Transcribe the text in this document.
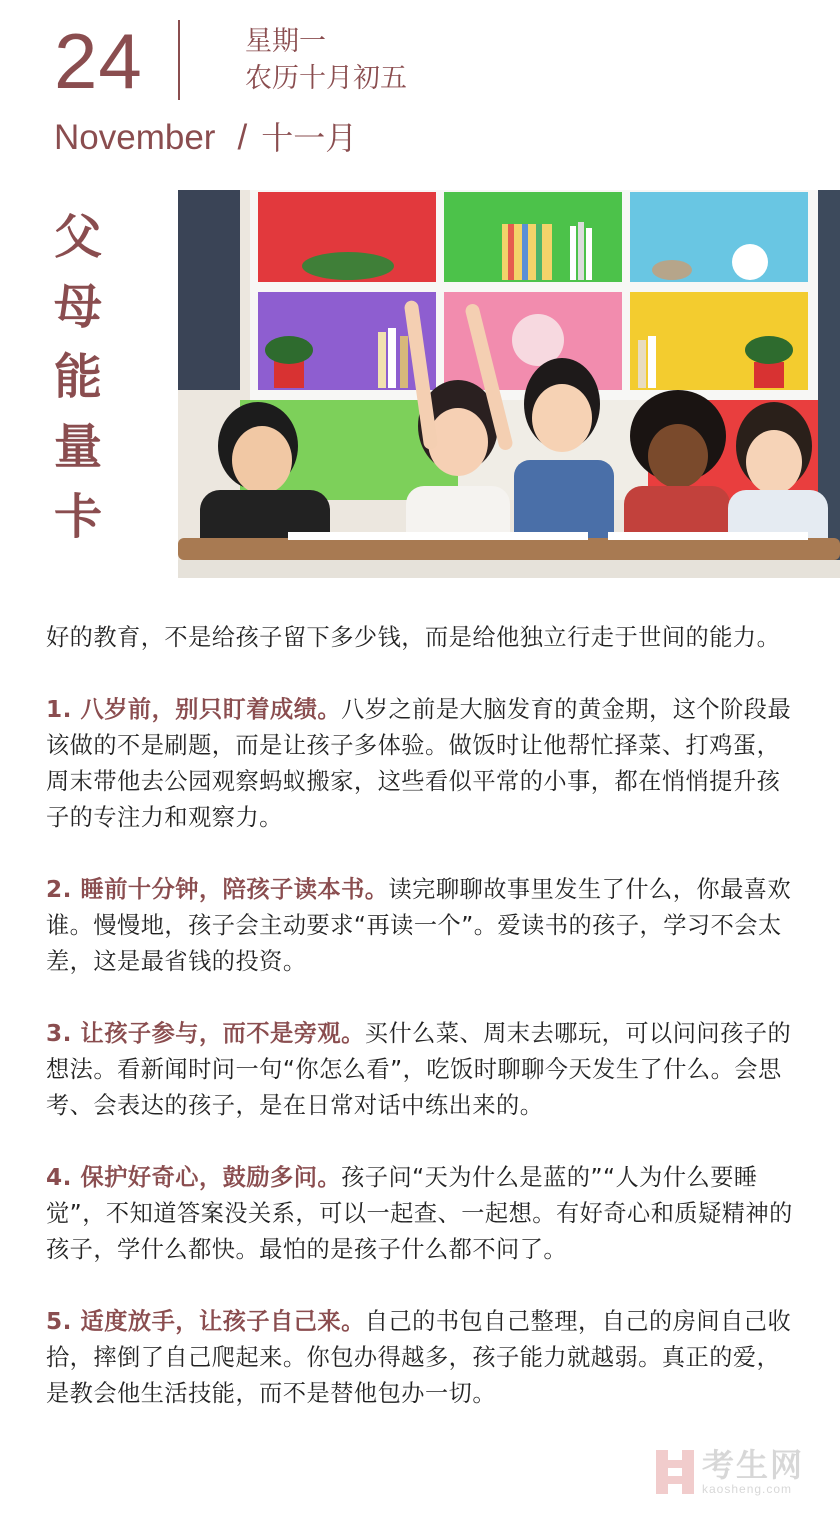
24	星期一
农历十月初五
November / 十一月
父
母
能
量
卡

好的教育，不是给孩子留下多少钱，而是给他独立行走于世间的能力。

1. 八岁前，别只盯着成绩。八岁之前是大脑发育的黄金期，这个阶段最该做的不是刷题，而是让孩子多体验。做饭时让他帮忙择菜、打鸡蛋，周末带他去公园观察蚂蚁搬家，这些看似平常的小事，都在悄悄提升孩子的专注力和观察力。

2. 睡前十分钟，陪孩子读本书。读完聊聊故事里发生了什么，你最喜欢谁。慢慢地，孩子会主动要求“再读一个”。爱读书的孩子，学习不会太差，这是最省钱的投资。

3. 让孩子参与，而不是旁观。买什么菜、周末去哪玩，可以问问孩子的想法。看新闻时问一句“你怎么看”，吃饭时聊聊今天发生了什么。会思考、会表达的孩子，是在日常对话中练出来的。

4. 保护好奇心，鼓励多问。孩子问“天为什么是蓝的”“人为什么要睡觉”，不知道答案没关系，可以一起查、一起想。有好奇心和质疑精神的孩子，学什么都快。最怕的是孩子什么都不问了。

5. 适度放手，让孩子自己来。自己的书包自己整理，自己的房间自己收拾，摔倒了自己爬起来。你包办得越多，孩子能力就越弱。真正的爱，是教会他生活技能，而不是替他包办一切。

考生网
kaosheng.com
